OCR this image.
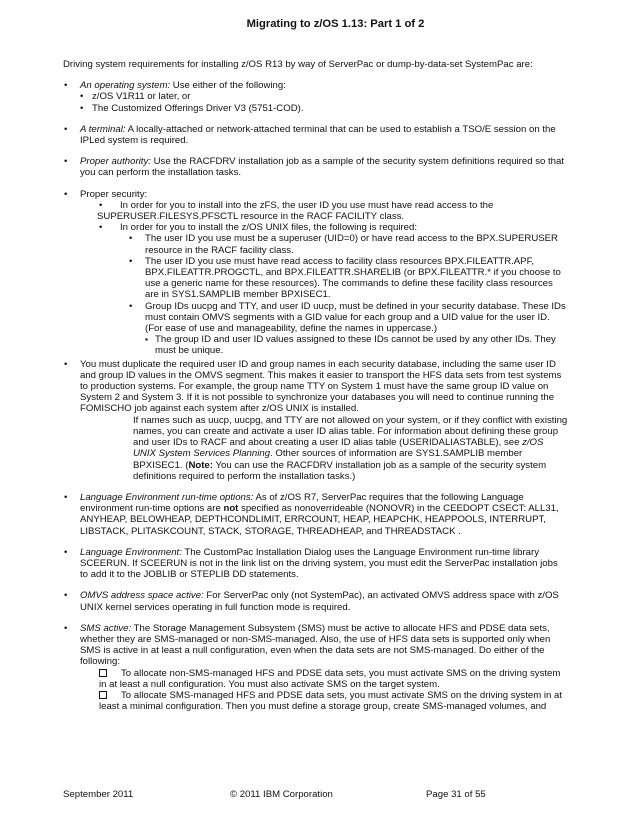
Migrating to z/OS 1.13: Part 1 of 2
Driving system requirements for installing z/OS R13 by way of ServerPac or dump-by-data-set SystemPac are:
• An operating system: Use either of the following:
• z/OS V1R11 or later, or
• The Customized Offerings Driver V3 (5751-COD).
• A terminal: A locally-attached or network-attached terminal that can be used to establish a TSO/E session on the IPLed system is required.
• Proper authority: Use the RACFDRV installation job as a sample of the security system definitions required so that you can perform the installation tasks.
• Proper security:
• In order for you to install into the zFS, the user ID you use must have read access to the SUPERUSER.FILESYS.PFSCTL resource in the RACF FACILITY class.
• In order for you to install the z/OS UNIX files, the following is required:
• The user ID you use must be a superuser (UID=0) or have read access to the BPX.SUPERUSER resource in the RACF facility class.
• The user ID you use must have read access to facility class resources BPX.FILEATTR.APF, BPX.FILEATTR.PROGCTL, and BPX.FILEATTR.SHARELIB (or BPX.FILEATTR.* if you choose to use a generic name for these resources). The commands to define these facility class resources are in SYS1.SAMPLIB member BPXISEC1.
• Group IDs uucpg and TTY, and user ID uucp, must be defined in your security database. These IDs must contain OMVS segments with a GID value for each group and a UID value for the user ID. (For ease of use and manageability, define the names in uppercase.)
▪ The group ID and user ID values assigned to these IDs cannot be used by any other IDs. They must be unique.
• You must duplicate the required user ID and group names in each security database, including the same user ID and group ID values in the OMVS segment. This makes it easier to transport the HFS data sets from test systems to production systems. For example, the group name TTY on System 1 must have the same group ID value on System 2 and System 3. If it is not possible to synchronize your databases you will need to continue running the FOMISCHO job against each system after z/OS UNIX is installed.
If names such as uucp, uucpg, and TTY are not allowed on your system, or if they conflict with existing names, you can create and activate a user ID alias table. For information about defining these group and user IDs to RACF and about creating a user ID alias table (USERIDALIASTABLE), see z/OS UNIX System Services Planning. Other sources of information are SYS1.SAMPLIB member BPXISEC1. (Note: You can use the RACFDRV installation job as a sample of the security system definitions required to perform the installation tasks.)
• Language Environment run-time options: As of z/OS R7, ServerPac requires that the following Language environment run-time options are not specified as nonoverrideable (NONOVR) in the CEEDOPT CSECT: ALL31, ANYHEAP, BELOWHEAP, DEPTHCONDLIMIT, ERRCOUNT, HEAP, HEAPCHK, HEAPPOOLS, INTERRUPT, LIBSTACK, PLITASKCOUNT, STACK, STORAGE, THREADHEAP, and THREADSTACK .
• Language Environment: The CustomPac Installation Dialog uses the Language Environment run-time library SCEERUN. If SCEERUN is not in the link list on the driving system, you must edit the ServerPac installation jobs to add it to the JOBLIB or STEPLIB DD statements.
• OMVS address space active: For ServerPac only (not SystemPac), an activated OMVS address space with z/OS UNIX kernel services operating in full function mode is required.
• SMS active: The Storage Management Subsystem (SMS) must be active to allocate HFS and PDSE data sets, whether they are SMS-managed or non-SMS-managed. Also, the use of HFS data sets is supported only when SMS is active in at least a null configuration, even when the data sets are not SMS-managed. Do either of the following:
To allocate non-SMS-managed HFS and PDSE data sets, you must activate SMS on the driving system in at least a null configuration. You must also activate SMS on the target system.
To allocate SMS-managed HFS and PDSE data sets, you must activate SMS on the driving system in at least a minimal configuration. Then you must define a storage group, create SMS-managed volumes, and
September 2011	© 2011 IBM Corporation	Page 31 of 55
